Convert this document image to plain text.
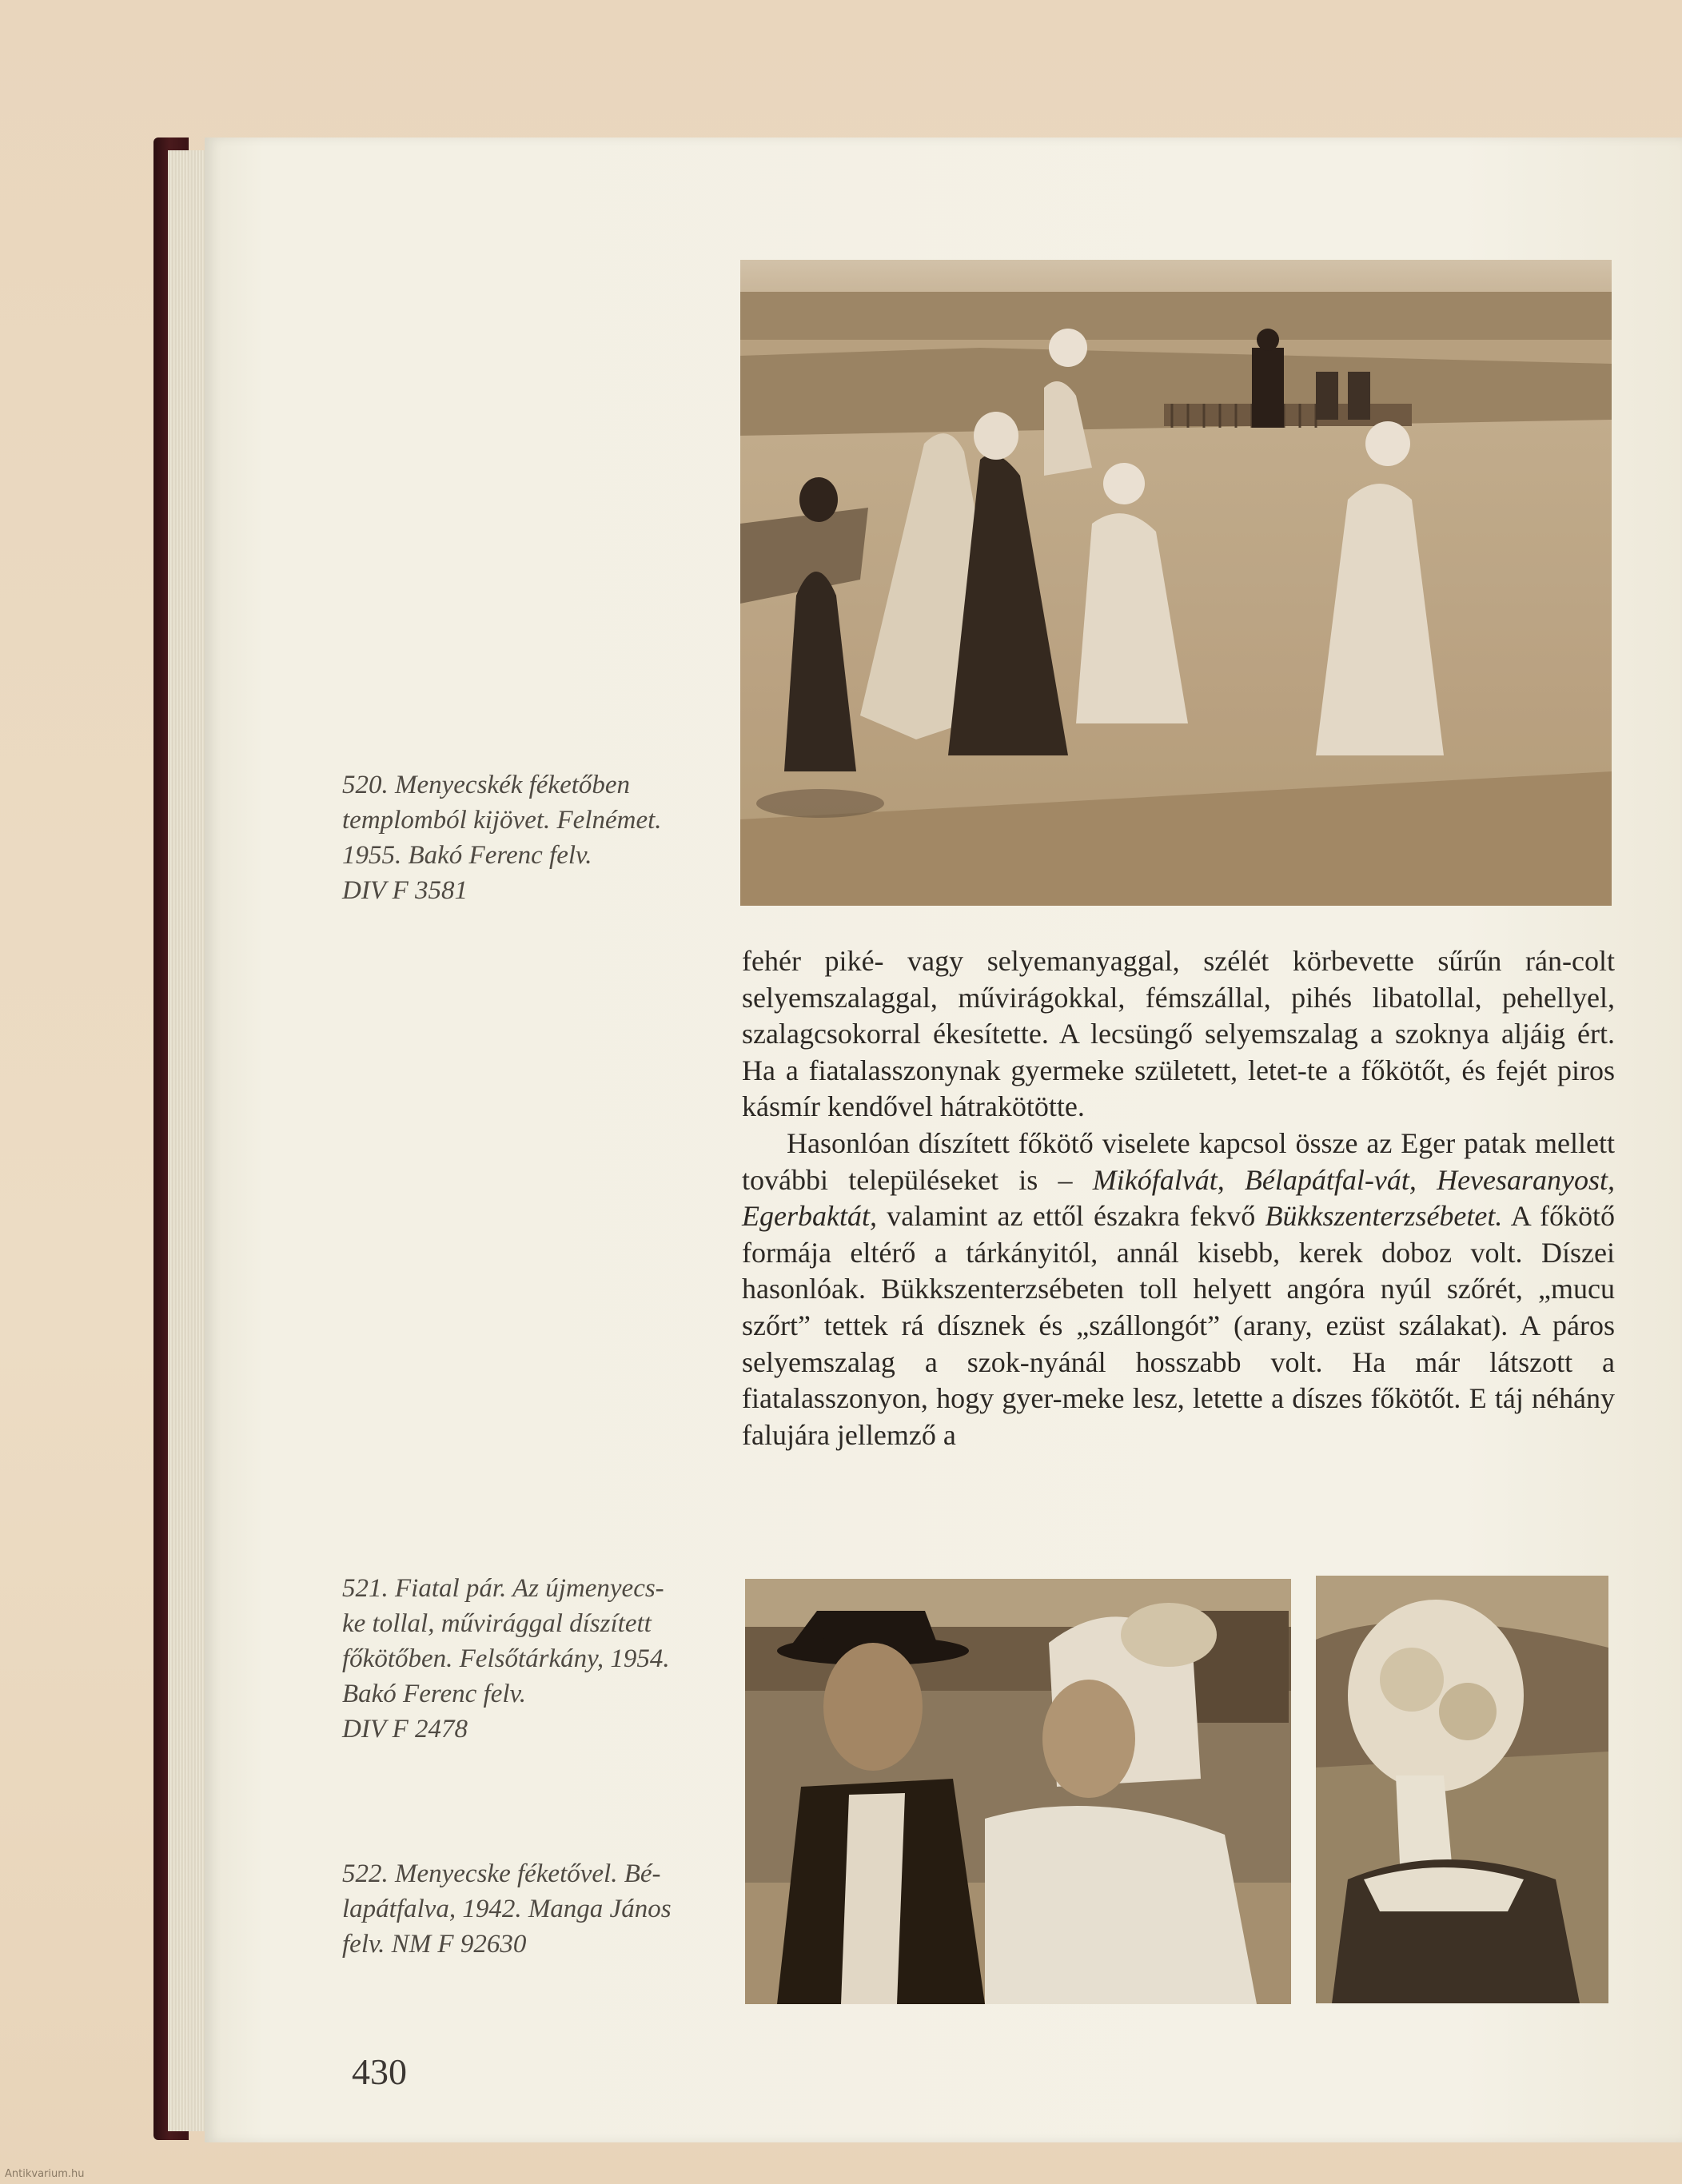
520. Menyecskék féketőben
templomból kijövet. Felnémet.
1955. Bakó Ferenc felv.
DIV F 3581
521. Fiatal pár. Az újmenyecs-
ke tollal, művirággal díszített
főkötőben. Felsőtárkány, 1954.
Bakó Ferenc felv.
DIV F 2478
522. Menyecske féketővel. Bé-
lapátfalva, 1942. Manga János
felv. NM F 92630

fehér piké- vagy selyemanyaggal, szélét körbevette sűrűn rán-colt selyemszalaggal, művirágokkal, fémszállal, pihés libatollal, pehellyel, szalagcsokorral ékesítette. A lecsüngő selyemszalag a szoknya aljáig ért. Ha a fiatalasszonynak gyermeke született, letet-te a főkötőt, és fejét piros kásmír kendővel hátrakötötte.

Hasonlóan díszített főkötő viselete kapcsol össze az Eger patak mellett további településeket is – Mikófalvát, Bélapátfal-vát, Hevesaranyost, Egerbaktát, valamint az ettől északra fekvő Bükkszenterzsébetet. A főkötő formája eltérő a tárkányitól, annál kisebb, kerek doboz volt. Díszei hasonlóak. Bükkszenterzsébeten toll helyett angóra nyúl szőrét, „mucu szőrt” tettek rá dísznek és „szállongót” (arany, ezüst szálakat). A páros selyemszalag a szok-nyánál hosszabb volt. Ha már látszott a fiatalasszonyon, hogy gyer-meke lesz, letette a díszes főkötőt. E táj néhány falujára jellemző a

430
Antikvarium.hu
